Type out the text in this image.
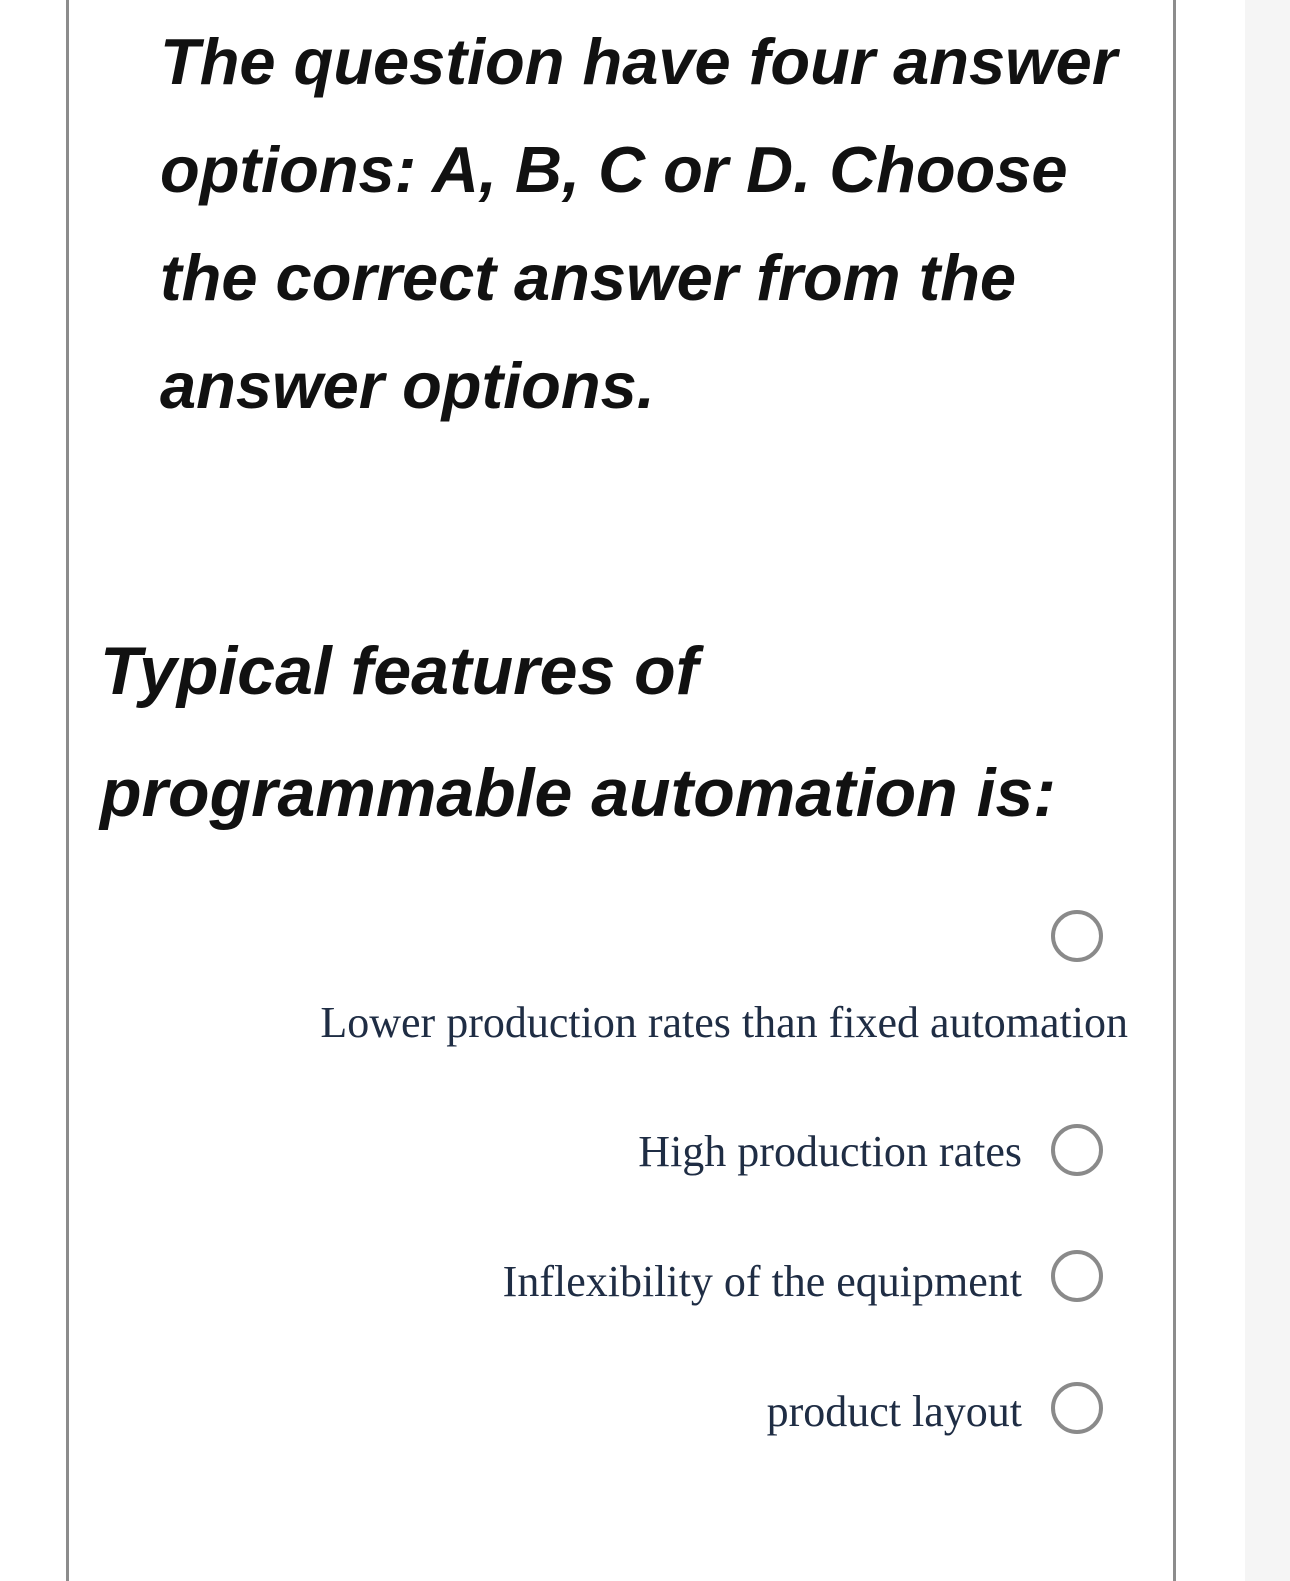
The question have four answer options: A, B, C or D. Choose the correct answer from the answer options.

Typical features of programmable automation is:

Lower production rates than fixed automation
High production rates
Inflexibility of the equipment
product layout
